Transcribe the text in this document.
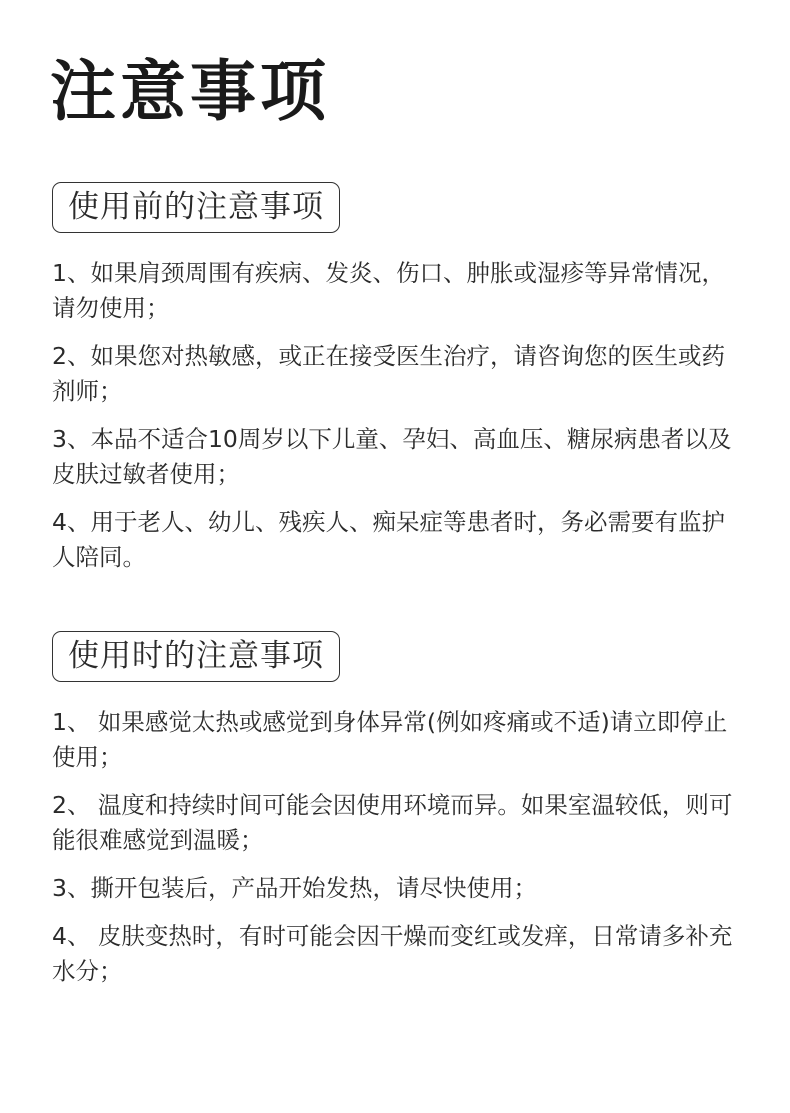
注意事项
使用前的注意事项
1、如果肩颈周围有疾病、发炎、伤口、肿胀或湿疹等异常情况，请勿使用；
2、如果您对热敏感，或正在接受医生治疗，请咨询您的医生或药剂师；
3、本品不适合10周岁以下儿童、孕妇、高血压、糖尿病患者以及皮肤过敏者使用；
4、用于老人、幼儿、残疾人、痴呆症等患者时，务必需要有监护人陪同。
使用时的注意事项
1、 如果感觉太热或感觉到身体异常(例如疼痛或不适)请立即停止使用；
2、 温度和持续时间可能会因使用环境而异。如果室温较低，则可能很难感觉到温暖；
3、撕开包装后，产品开始发热，请尽快使用；
4、 皮肤变热时，有时可能会因干燥而变红或发痒，日常请多补充水分；
